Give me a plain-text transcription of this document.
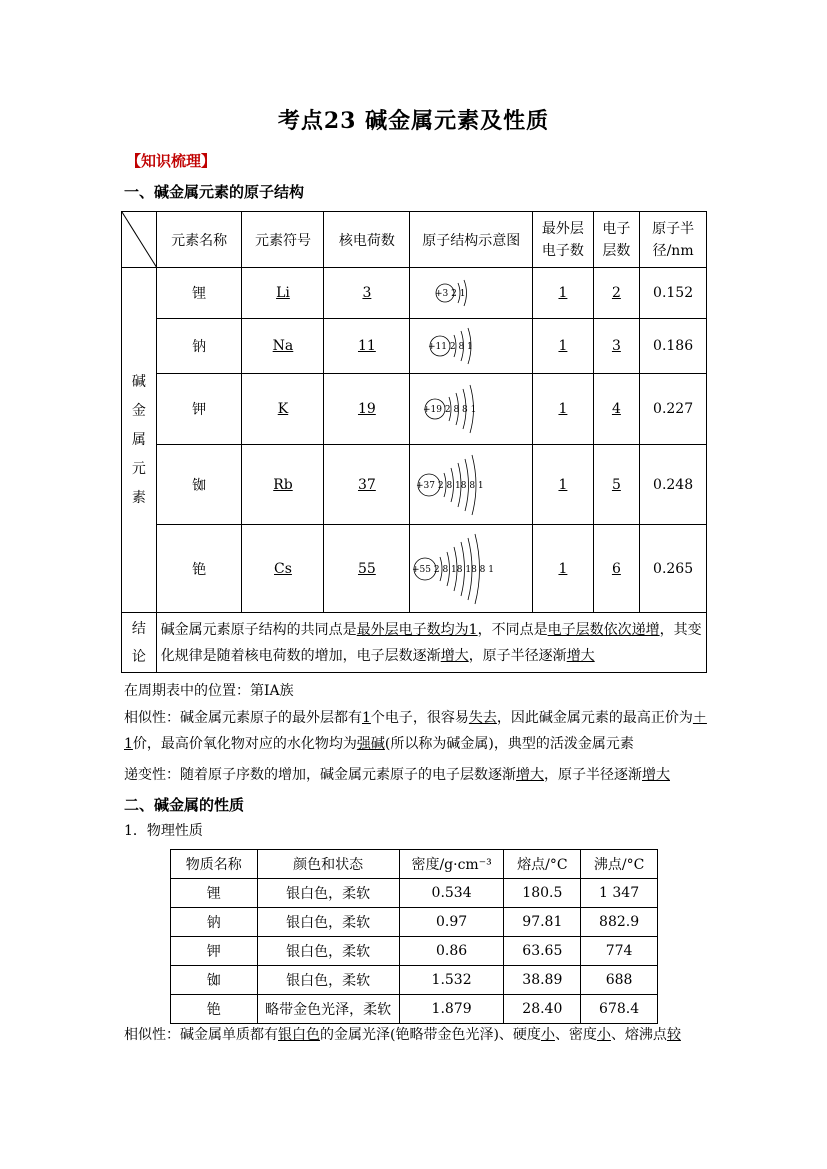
考点23 碱金属元素及性质
【知识梳理】
一、碱金属元素的原子结构
	元素名称	元素符号	核电荷数	原子结构示意图	最外层电子数	电子层数	原子半径/nm

碱金属元素	锂	Li	3	+3 2 1	1	2	0.152
	钠	Na	11	+11 2 8 1	1	3	0.186
	钾	K	19	+19 2 8 8 1	1	4	0.227
	铷	Rb	37	+37 2 8 18 8 1	1	5	0.248
	铯	Cs	55	+55 2 8 18 18 8 1	1	6	0.265

结论	碱金属元素原子结构的共同点是最外层电子数均为1，不同点是电子层数依次递增，其变化规律是随着核电荷数的增加，电子层数逐渐增大，原子半径逐渐增大						
在周期表中的位置：第IA族
相似性：碱金属元素原子的最外层都有1个电子，很容易失去，因此碱金属元素的最高正价为＋1价，最高价氧化物对应的水化物均为强碱(所以称为碱金属)，典型的活泼金属元素
递变性：随着原子序数的增加，碱金属元素原子的电子层数逐渐增大，原子半径逐渐增大
二、碱金属的性质
1．物理性质
物质名称	颜色和状态	密度/g·cm⁻³	熔点/°C	沸点/°C
锂	银白色，柔软	0.534	180.5	1 347
钠	银白色，柔软	0.97	97.81	882.9
钾	银白色，柔软	0.86	63.65	774
铷	银白色，柔软	1.532	38.89	688
铯	略带金色光泽，柔软	1.879	28.40	678.4
相似性：碱金属单质都有银白色的金属光泽(铯略带金色光泽)、硬度小、密度小、熔沸点较
